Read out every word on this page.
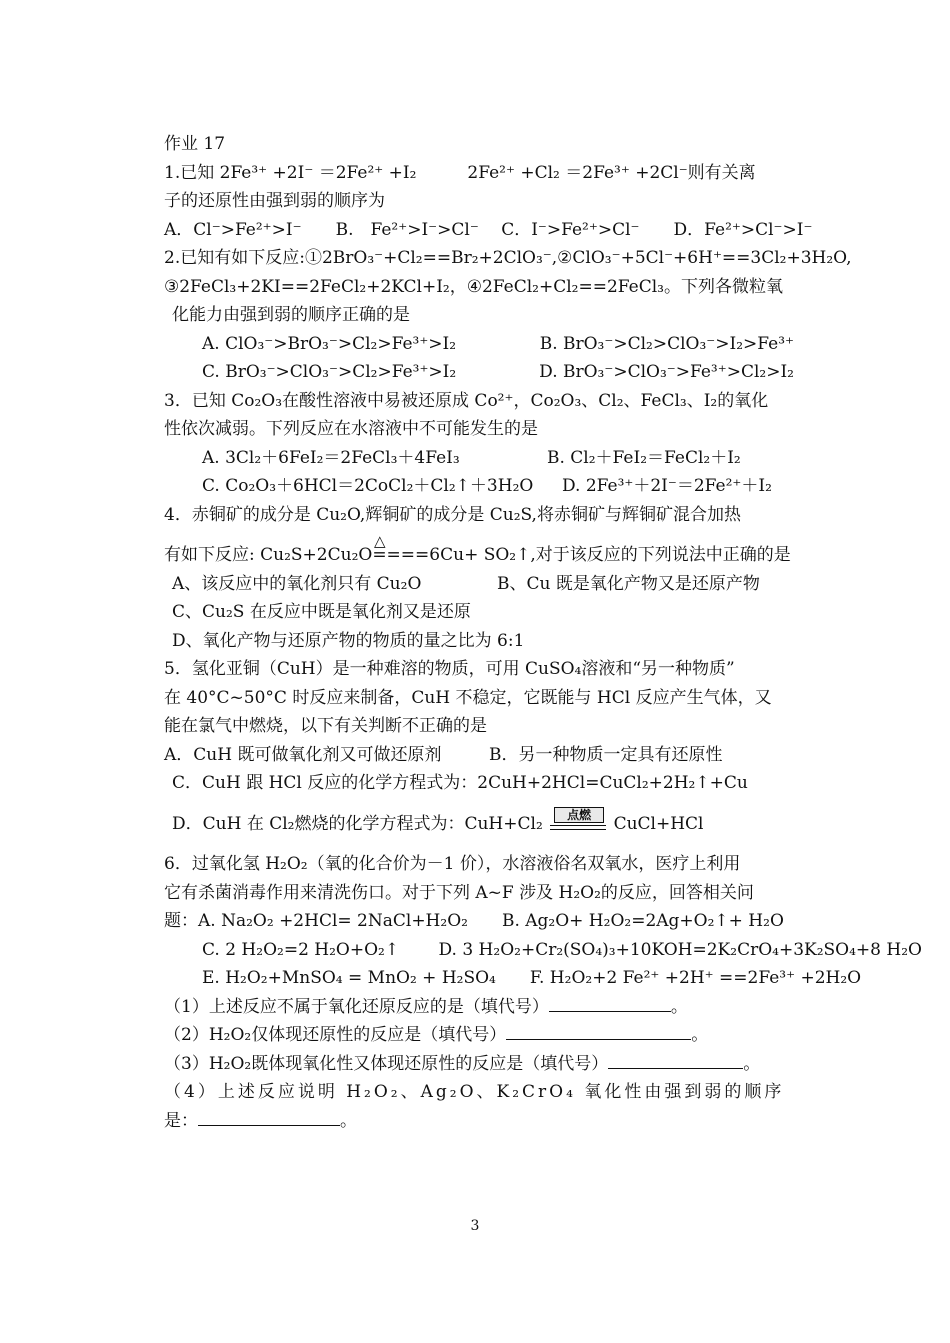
作业 17
1.已知 2Fe³⁺ +2I⁻ ＝2Fe²⁺ +I₂　　　2Fe²⁺ +Cl₂ ＝2Fe³⁺ +2Cl⁻则有关离
子的还原性由强到弱的顺序为
A．Cl⁻>Fe²⁺>I⁻　　B.　Fe²⁺>I⁻>Cl⁻　 C．I⁻>Fe²⁺>Cl⁻　　D．Fe²⁺>Cl⁻>I⁻
2.已知有如下反应:①2BrO₃⁻+Cl₂==Br₂+2ClO₃⁻,②ClO₃⁻+5Cl⁻+6H⁺==3Cl₂+3H₂O,
③2FeCl₃+2KI==2FeCl₂+2KCl+I₂，④2FeCl₂+Cl₂==2FeCl₃。下列各微粒氧
化能力由强到弱的顺序正确的是
A. ClO₃⁻>BrO₃⁻>Cl₂>Fe³⁺>I₂	B. BrO₃⁻>Cl₂>ClO₃⁻>I₂>Fe³⁺
C. BrO₃⁻>ClO₃⁻>Cl₂>Fe³⁺>I₂	D. BrO₃⁻>ClO₃⁻>Fe³⁺>Cl₂>I₂
3．已知 Co₂O₃在酸性溶液中易被还原成 Co²⁺，Co₂O₃、Cl₂、FeCl₃、I₂的氧化
性依次减弱。下列反应在水溶液中不可能发生的是
A. 3Cl₂＋6FeI₂＝2FeCl₃＋4FeI₃	B. Cl₂＋FeI₂＝FeCl₂＋I₂
C. Co₂O₃＋6HCl＝2CoCl₂＋Cl₂↑＋3H₂O	D. 2Fe³⁺＋2I⁻＝2Fe²⁺＋I₂
4．赤铜矿的成分是 Cu₂O,辉铜矿的成分是 Cu₂S,将赤铜矿与辉铜矿混合加热
△
有如下反应: Cu₂S+2Cu₂O====6Cu+ SO₂↑,对于该反应的下列说法中正确的是
A、该反应中的氧化剂只有 Cu₂O	B、Cu 既是氧化产物又是还原产物
C、Cu₂S 在反应中既是氧化剂又是还原
D、氧化产物与还原产物的物质的量之比为 6:1
5．氢化亚铜（CuH）是一种难溶的物质，可用 CuSO₄溶液和“另一种物质”
在 40°C~50°C 时反应来制备，CuH 不稳定，它既能与 HCl 反应产生气体，又
能在氯气中燃烧，以下有关判断不正确的是
A．CuH 既可做氧化剂又可做还原剂	B．另一种物质一定具有还原性
C．CuH 跟 HCl 反应的化学方程式为：2CuH+2HCl=CuCl₂+2H₂↑+Cu
D．CuH 在 Cl₂燃烧的化学方程式为：CuH+Cl₂	点燃	CuCl+HCl
6．过氧化氢 H₂O₂（氧的化合价为－1 价），水溶液俗名双氧水，医疗上利用
它有杀菌消毒作用来清洗伤口。对于下列 A~F 涉及 H₂O₂的反应，回答相关问
题：A. Na₂O₂ +2HCl= 2NaCl+H₂O₂　　B. Ag₂O+ H₂O₂=2Ag+O₂↑+ H₂O
C. 2 H₂O₂=2 H₂O+O₂↑　　 D. 3 H₂O₂+Cr₂(SO₄)₃+10KOH=2K₂CrO₄+3K₂SO₄+8 H₂O
E. H₂O₂+MnSO₄ = MnO₂ + H₂SO₄　　F. H₂O₂+2 Fe²⁺ +2H⁺ ==2Fe³⁺ +2H₂O
（1）上述反应不属于氧化还原反应的是（填代号）	。
（2）H₂O₂仅体现还原性的反应是（填代号）	。
（3）H₂O₂既体现氧化性又体现还原性的反应是（填代号）	。
（4）上述反应说明 H₂O₂、Ag₂O、K₂CrO₄ 氧化性由强到弱的顺序
是：	。
3
